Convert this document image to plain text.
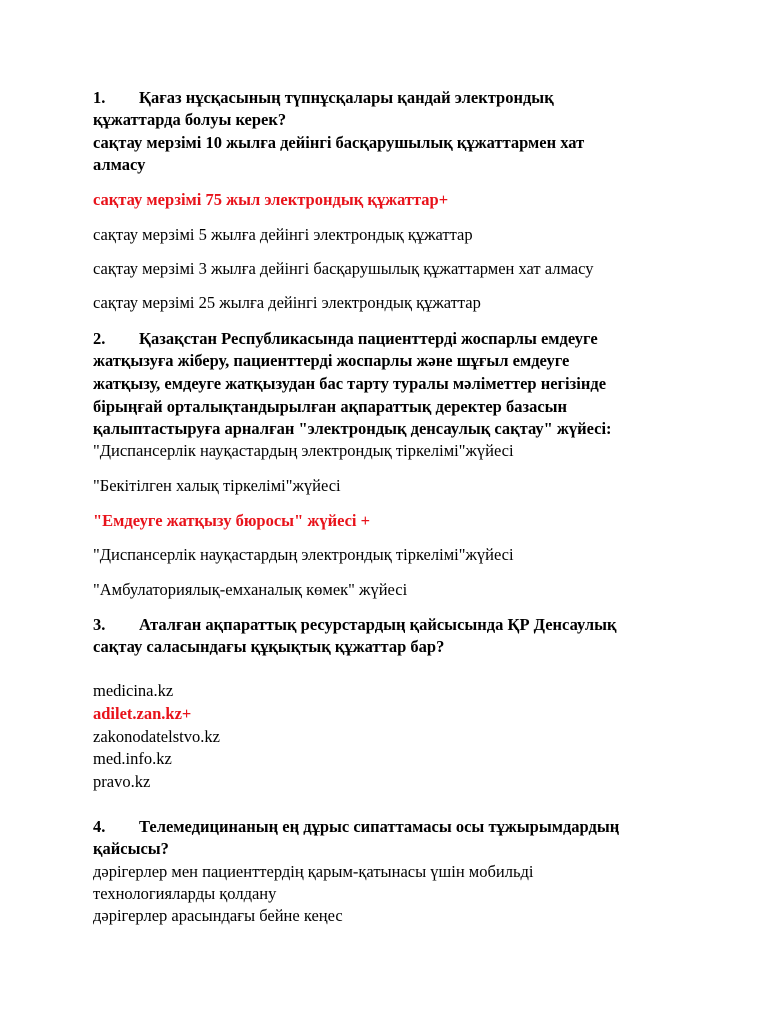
1. Қағаз нұсқасының түпнұсқалары қандай электрондық
құжаттарда болуы керек?
сақтау мерзімі 10 жылға дейінгі басқарушылық құжаттармен хат
алмасу
сақтау мерзімі 75 жыл электрондық құжаттар+
сақтау мерзімі 5 жылға дейінгі электрондық құжаттар
сақтау мерзімі 3 жылға дейінгі басқарушылық құжаттармен хат алмасу
сақтау мерзімі 25 жылға дейінгі электрондық құжаттар
2. Қазақстан Республикасында пациенттерді жоспарлы емдеуге
жатқызуға жіберу, пациенттерді жоспарлы және шұғыл емдеуге
жатқызу, емдеуге жатқызудан бас тарту туралы мәліметтер негізінде
бірыңғай орталықтандырылған ақпараттық деректер базасын
қалыптастыруға арналған "электрондық денсаулық сақтау" жүйесі:
"Диспансерлік науқастардың электрондық тіркелімі"жүйесі
"Бекітілген халық тіркелімі"жүйесі
"Емдеуге жатқызу бюросы" жүйесі +
"Диспансерлік науқастардың электрондық тіркелімі"жүйесі
"Амбулаториялық-емханалық көмек" жүйесі
3. Аталған ақпараттық ресурстардың қайсысында ҚР Денсаулық
сақтау саласындағы құқықтық құжаттар бар?
medicina.kz
adilet.zan.kz+
zakonodatelstvo.kz
med.info.kz
pravo.kz
4. Телемедицинаның ең дұрыс сипаттамасы осы тұжырымдардың
қайсысы?
дәрігерлер мен пациенттердің қарым-қатынасы үшін мобильді
технологияларды қолдану
дәрігерлер арасындағы бейне кеңес
